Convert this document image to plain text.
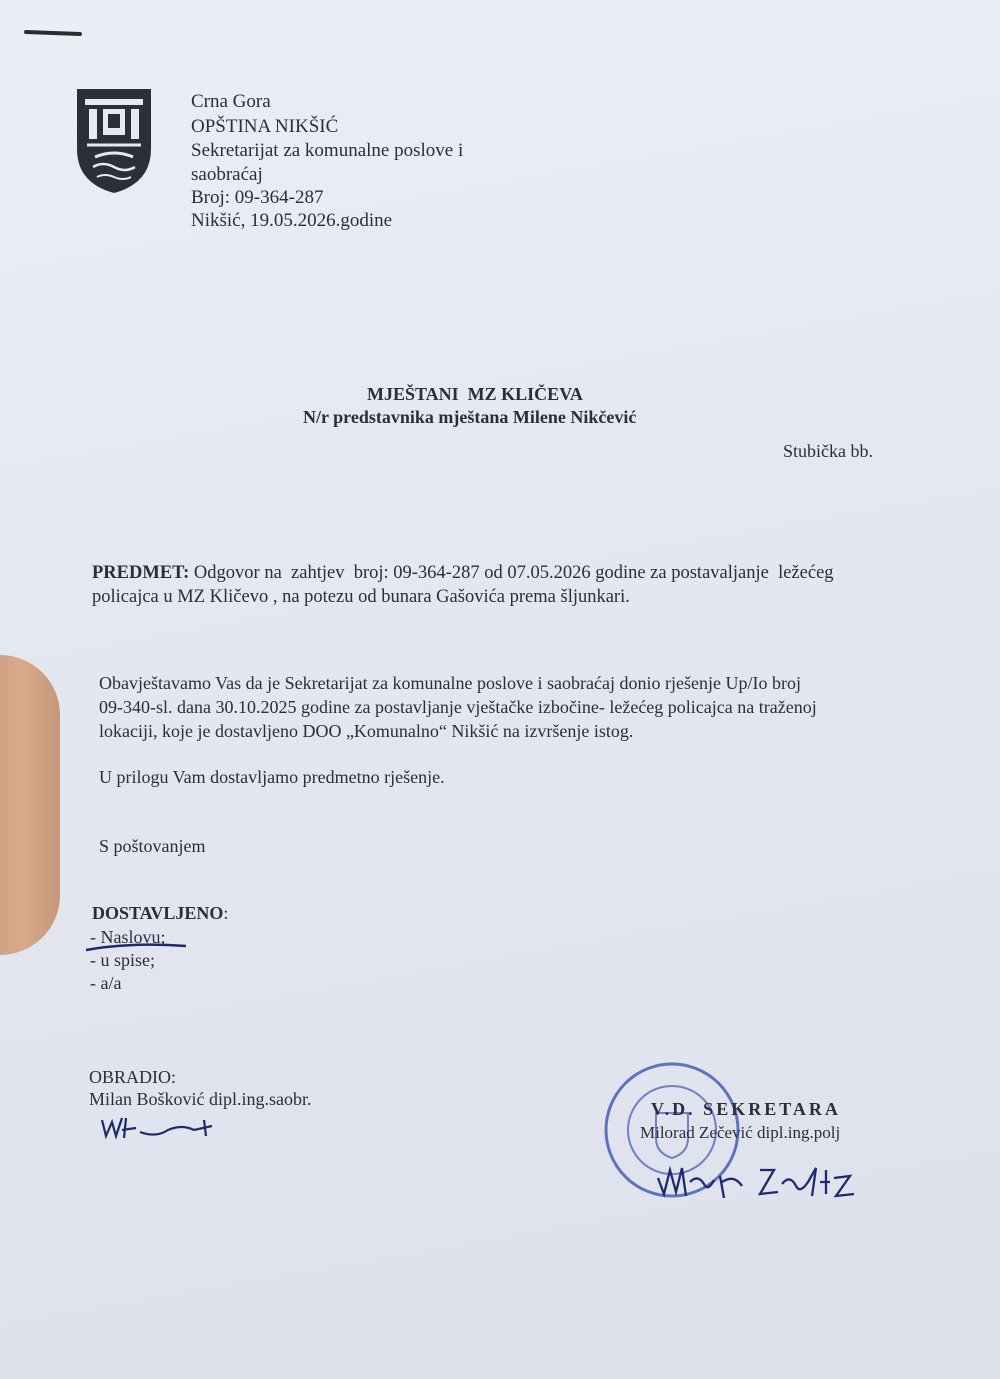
Crna Gora
OPŠTINA NIKŠIĆ
Sekretarijat za komunalne poslove i
saobraćaj
Broj: 09-364-287
Nikšić, 19.05.2026.godine
MJEŠTANI  MZ KLIČEVA
N/r predstavnika mještana Milene Nikčević
Stubička bb.
PREDMET: Odgovor na  zahtjev  broj: 09-364-287 od 07.05.2026 godine za postavaljanje  ležećeg
policajca u MZ Kličevo , na potezu od bunara Gašovića prema šljunkari.
Obavještavamo Vas da je Sekretarijat za komunalne poslove i saobraćaj donio rješenje Up/Io broj
09-340-sl. dana 30.10.2025 godine za postavljanje vještačke izbočine- ležećeg policajca na traženoj
lokaciji, koje je dostavljeno DOO „Komunalno“ Nikšić na izvršenje istog.
U prilogu Vam dostavljamo predmetno rješenje.
S poštovanjem
DOSTAVLJENO:
- Naslovu;
- u spise;
- a/a
OBRADIO:
Milan Bošković dipl.ing.saobr.	V.D. SEKRETARA
Milorad Zečević dipl.ing.polj
